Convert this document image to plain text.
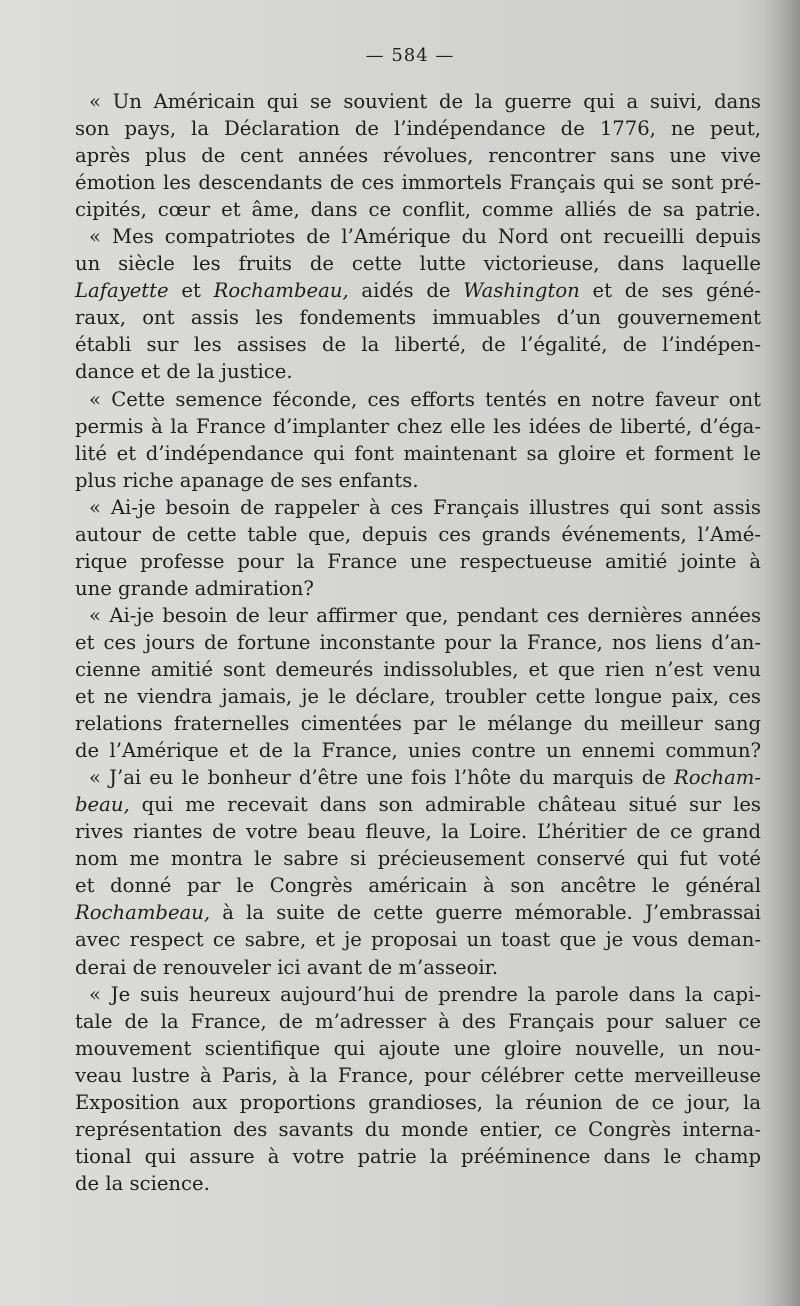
— 584 —
« Un Américain qui se souvient de la guerre qui a suivi, dans
son pays, la Déclaration de l’indépendance de 1776, ne peut,
après plus de cent années révolues, rencontrer sans une vive
émotion les descendants de ces immortels Français qui se sont pré-
cipités, cœur et âme, dans ce conflit, comme alliés de sa patrie.
« Mes compatriotes de l’Amérique du Nord ont recueilli depuis
un siècle les fruits de cette lutte victorieuse, dans laquelle
Lafayette et Rochambeau, aidés de Washington et de ses géné-
raux, ont assis les fondements immuables d’un gouvernement
établi sur les assises de la liberté, de l’égalité, de l’indépen-
dance et de la justice.
« Cette semence féconde, ces efforts tentés en notre faveur ont
permis à la France d’implanter chez elle les idées de liberté, d’éga-
lité et d’indépendance qui font maintenant sa gloire et forment le
plus riche apanage de ses enfants.
« Ai-je besoin de rappeler à ces Français illustres qui sont assis
autour de cette table que, depuis ces grands événements, l’Amé-
rique professe pour la France une respectueuse amitié jointe à
une grande admiration?
« Ai-je besoin de leur affirmer que, pendant ces dernières années
et ces jours de fortune inconstante pour la France, nos liens d’an-
cienne amitié sont demeurés indissolubles, et que rien n’est venu
et ne viendra jamais, je le déclare, troubler cette longue paix, ces
relations fraternelles cimentées par le mélange du meilleur sang
de l’Amérique et de la France, unies contre un ennemi commun?
« J’ai eu le bonheur d’être une fois l’hôte du marquis de Rocham-
beau, qui me recevait dans son admirable château situé sur les
rives riantes de votre beau fleuve, la Loire. L’héritier de ce grand
nom me montra le sabre si précieusement conservé qui fut voté
et donné par le Congrès américain à son ancêtre le général
Rochambeau, à la suite de cette guerre mémorable. J’embrassai
avec respect ce sabre, et je proposai un toast que je vous deman-
derai de renouveler ici avant de m’asseoir.
« Je suis heureux aujourd’hui de prendre la parole dans la capi-
tale de la France, de m’adresser à des Français pour saluer ce
mouvement scientifique qui ajoute une gloire nouvelle, un nou-
veau lustre à Paris, à la France, pour célébrer cette merveilleuse
Exposition aux proportions grandioses, la réunion de ce jour, la
représentation des savants du monde entier, ce Congrès interna-
tional qui assure à votre patrie la prééminence dans le champ
de la science.
